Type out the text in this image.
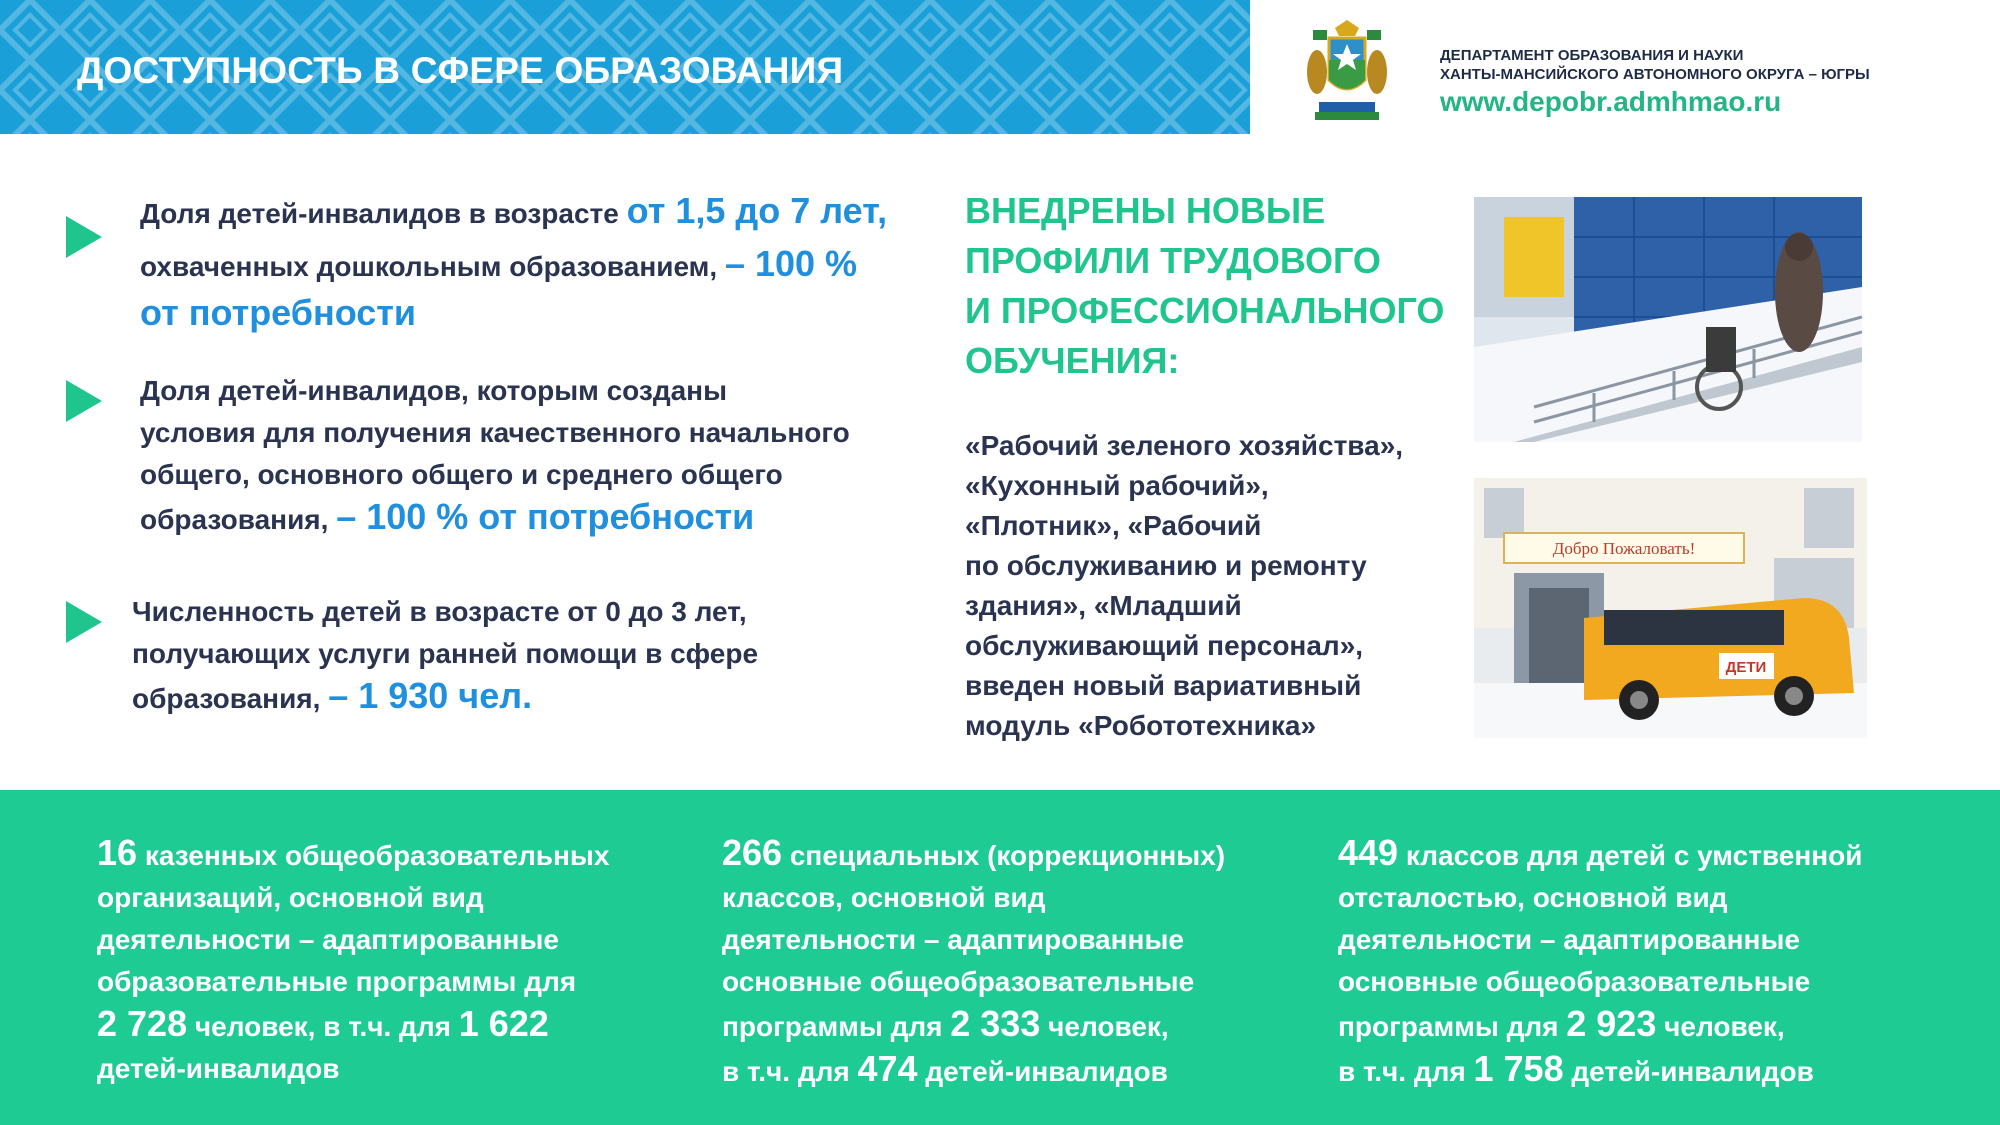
ДОСТУПНОСТЬ В СФЕРЕ ОБРАЗОВАНИЯ	ДЕПАРТАМЕНТ ОБРАЗОВАНИЯ И НАУКИ
ХАНТЫ-МАНСИЙСКОГО АВТОНОМНОГО ОКРУГА – ЮГРЫ
www.depobr.admhmao.ru
Доля детей-инвалидов в возрасте от 1,5 до 7 лет,
охваченных дошкольным образованием, – 100 %
от потребности
Доля детей-инвалидов, которым созданы
условия для получения качественного начального
общего, основного общего и среднего общего
образования, – 100 % от потребности
Численность детей в возрасте от 0 до 3 лет,
получающих услуги ранней помощи в сфере
образования, – 1 930 чел.
ВНЕДРЕНЫ НОВЫЕ
ПРОФИЛИ ТРУДОВОГО
И ПРОФЕССИОНАЛЬНОГО
ОБУЧЕНИЯ:
«Рабочий зеленого хозяйства»,
«Кухонный рабочий»,
«Плотник», «Рабочий
по обслуживанию и ремонту
здания», «Младший
обслуживающий персонал»,
введен новый вариативный
модуль «Робототехника»
Добро Пожаловать!
ДЕТИ
16 казенных общеобразовательных
организаций, основной вид
деятельности – адаптированные
образовательные программы для
2 728 человек, в т.ч. для 1 622
детей-инвалидов
266 специальных (коррекционных)
классов, основной вид
деятельности – адаптированные
основные общеобразовательные
программы для 2 333 человек,
в т.ч. для 474 детей-инвалидов
449 классов для детей с умственной
отсталостью, основной вид
деятельности – адаптированные
основные общеобразовательные
программы для 2 923 человек,
в т.ч. для 1 758 детей-инвалидов
